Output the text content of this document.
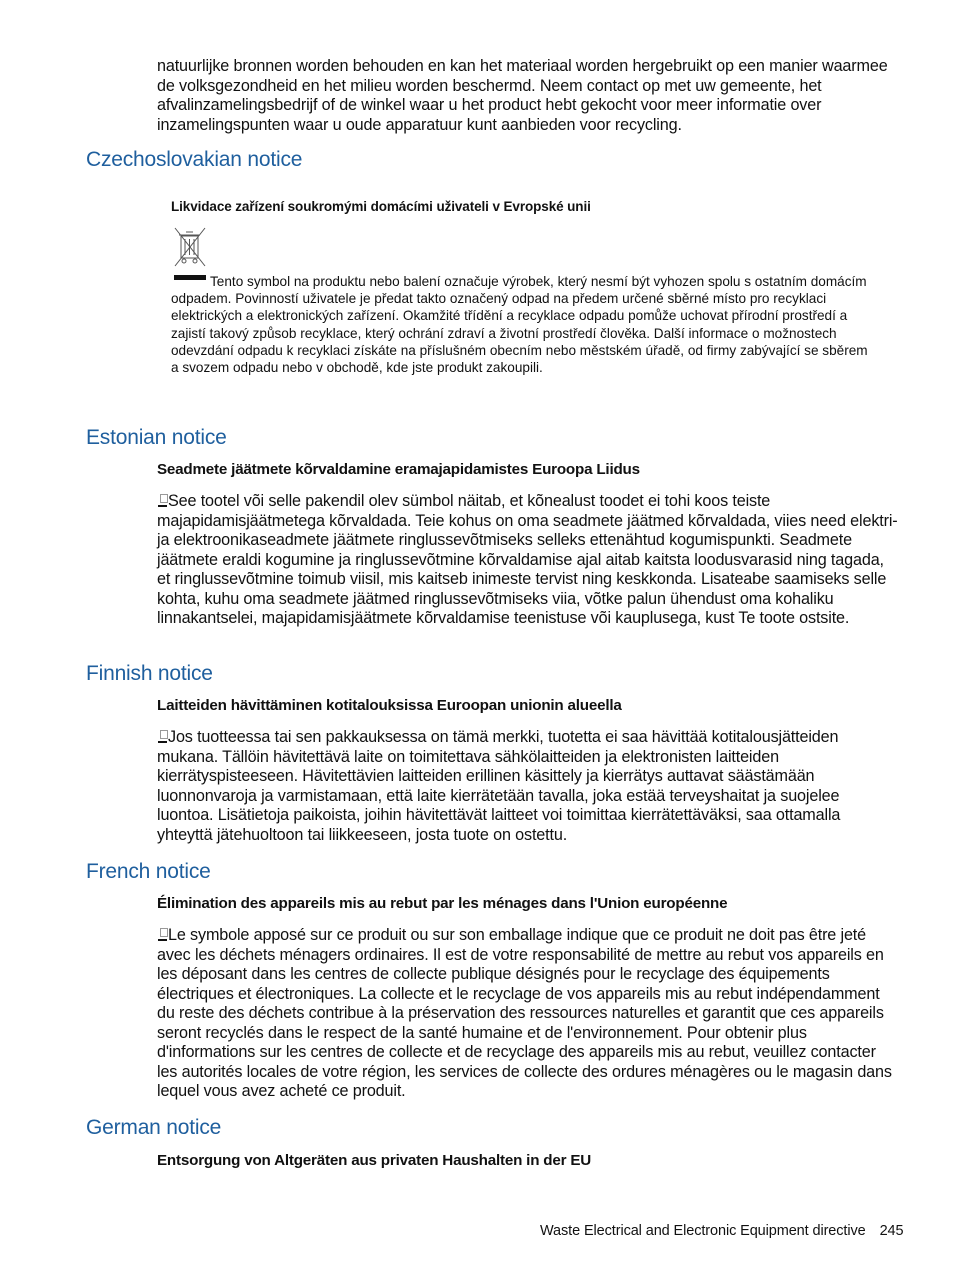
natuurlijke bronnen worden behouden en kan het materiaal worden hergebruikt op een manier waarmee de volksgezondheid en het milieu worden beschermd. Neem contact op met uw gemeente, het afvalinzamelingsbedrijf of de winkel waar u het product hebt gekocht voor meer informatie over inzamelingspunten waar u oude apparatuur kunt aanbieden voor recycling.

Czechoslovakian notice

Likvidace zařízení soukromými domácími uživateli v Evropské unii

Tento symbol na produktu nebo balení označuje výrobek, který nesmí být vyhozen spolu s ostatním domácím odpadem. Povinností uživatele je předat takto označený odpad na předem určené sběrné místo pro recyklaci elektrických a elektronických zařízení. Okamžité třídění a recyklace odpadu pomůže uchovat přírodní prostředí a zajistí takový způsob recyklace, který ochrání zdraví a životní prostředí člověka. Další informace o možnostech odevzdání odpadu k recyklaci získáte na příslušném obecním nebo městském úřadě, od firmy zabývající se sběrem a svozem odpadu nebo v obchodě, kde jste produkt zakoupili.

Estonian notice

Seadmete jäätmete kõrvaldamine eramajapidamistes Euroopa Liidus

See tootel või selle pakendil olev sümbol näitab, et kõnealust toodet ei tohi koos teiste majapidamisjäätmetega kõrvaldada. Teie kohus on oma seadmete jäätmed kõrvaldada, viies need elektri- ja elektroonikaseadmete jäätmete ringlussevõtmiseks selleks ettenähtud kogumispunkti. Seadmete jäätmete eraldi kogumine ja ringlussevõtmine kõrvaldamise ajal aitab kaitsta loodusvarasid ning tagada, et ringlussevõtmine toimub viisil, mis kaitseb inimeste tervist ning keskkonda. Lisateabe saamiseks selle kohta, kuhu oma seadmete jäätmed ringlussevõtmiseks viia, võtke palun ühendust oma kohaliku linnakantselei, majapidamisjäätmete kõrvaldamise teenistuse või kauplusega, kust Te toote ostsite.

Finnish notice

Laitteiden hävittäminen kotitalouksissa Euroopan unionin alueella

Jos tuotteessa tai sen pakkauksessa on tämä merkki, tuotetta ei saa hävittää kotitalousjätteiden mukana. Tällöin hävitettävä laite on toimitettava sähkölaitteiden ja elektronisten laitteiden kierrätyspisteeseen. Hävitettävien laitteiden erillinen käsittely ja kierrätys auttavat säästämään luonnonvaroja ja varmistamaan, että laite kierrätetään tavalla, joka estää terveyshaitat ja suojelee luontoa. Lisätietoja paikoista, joihin hävitettävät laitteet voi toimittaa kierrätettäväksi, saa ottamalla yhteyttä jätehuoltoon tai liikkeeseen, josta tuote on ostettu.

French notice

Élimination des appareils mis au rebut par les ménages dans l'Union européenne

Le symbole apposé sur ce produit ou sur son emballage indique que ce produit ne doit pas être jeté avec les déchets ménagers ordinaires. Il est de votre responsabilité de mettre au rebut vos appareils en les déposant dans les centres de collecte publique désignés pour le recyclage des équipements électriques et électroniques. La collecte et le recyclage de vos appareils mis au rebut indépendamment du reste des déchets contribue à la préservation des ressources naturelles et garantit que ces appareils seront recyclés dans le respect de la santé humaine et de l'environnement. Pour obtenir plus d'informations sur les centres de collecte et de recyclage des appareils mis au rebut, veuillez contacter les autorités locales de votre région, les services de collecte des ordures ménagères ou le magasin dans lequel vous avez acheté ce produit.

German notice

Entsorgung von Altgeräten aus privaten Haushalten in der EU

Waste Electrical and Electronic Equipment directive 245
